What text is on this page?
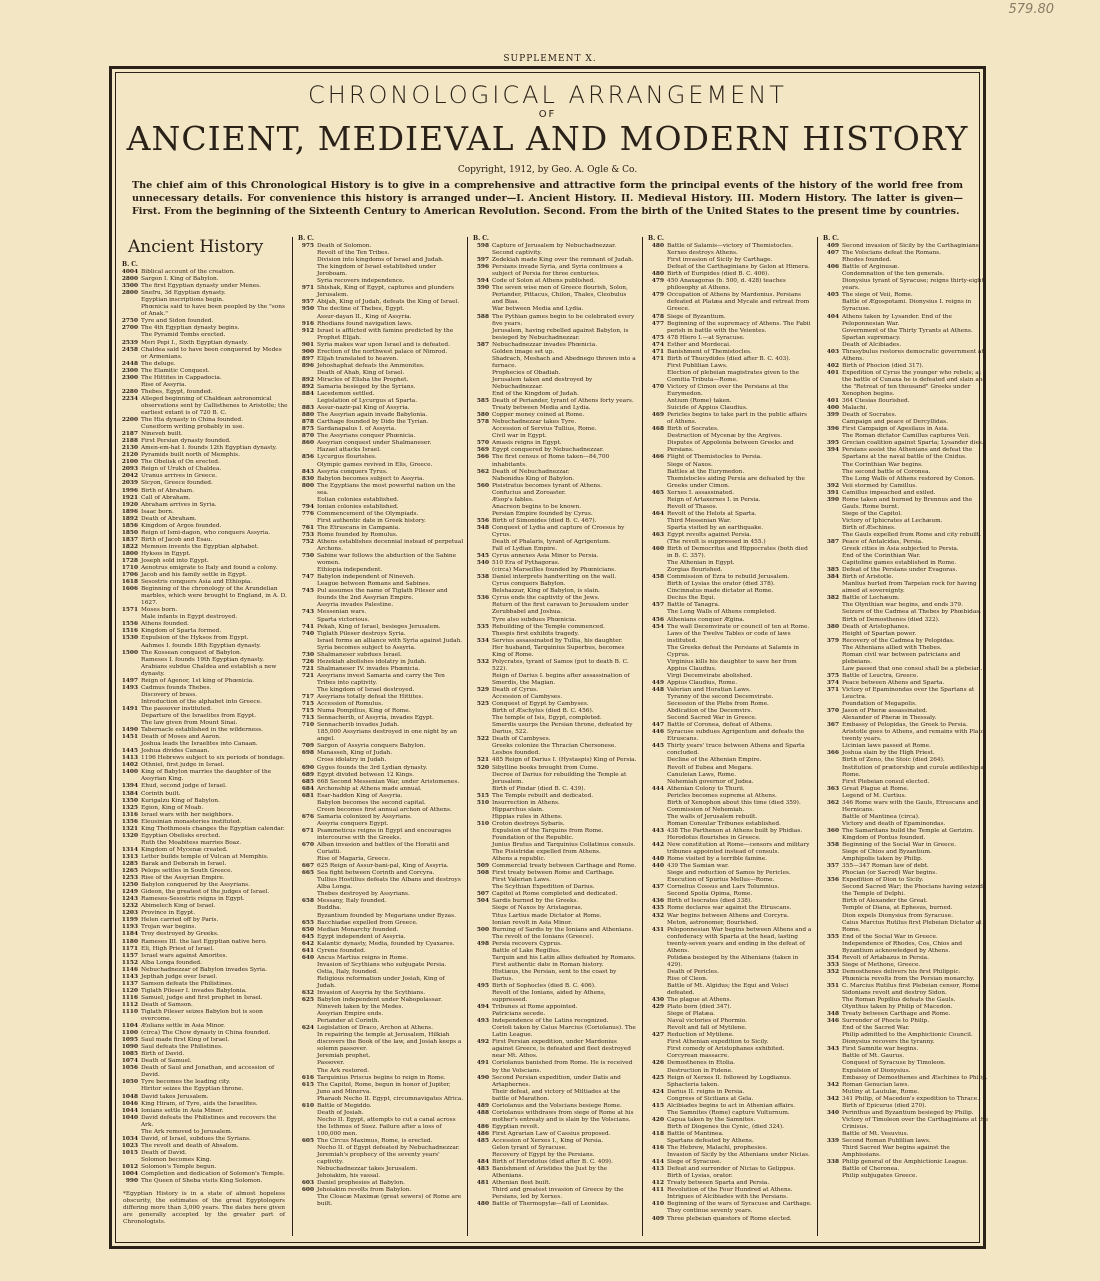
579.80
SUPPLEMENT X.
CHRONOLOGICAL ARRANGEMENT
OF
ANCIENT, MEDIEVAL AND MODERN HISTORY
Copyright, 1912, by Geo. A. Ogle & Co.
The chief aim of this Chronological History is to give in a comprehensive and attractive form the principal events of the history of the world free from unnecessary details. For convenience this history is arranged under—I. Ancient History. II. Medieval History. III. Modern History. The latter is given—First. From the beginning of the Sixteenth Century to American Revolution. Second. From the birth of the United States to the present time by countries.
Ancient History
B. C.
4004 Biblical account of the creation.
2800 Sargon I. King of Babylon.
3500 The first Egyptian dynasty under Menes.
2800 Snefru, 3d Egyptian dynasty.
Egyptian inscriptions begin.
Phœnicia said to have been peopled by the "sons of Anak."
2750 Tyre and Sidon founded.
2700 The 4th Egyptian dynasty begins.
The Pyramid Tombs erected.
2539 Meri Pepi I., Sixth Egyptian dynasty.
2458 Chaldea said to have been conquered by Medes or Armenians.
2448 The deluge.
2300 The Elamitic Conquest.
2300 The Hittites in Cappadocia.
Rise of Assyria.
2280 Thebes, Egypt, founded.
2234 Alleged beginning of Chaldean astronomical observations sent by Callisthenes to Aristotle; the earliest extant is of 720 B. C.
2200 The Hia dynasty in China founded.
Cuneiform writing probably in use.
2187 Nineveh built.
2188 First Persian dynasty founded.
2130 Amen-em-hat I. founds 12th Egyptian dynasty.
2120 Pyramids built north of Memphis.
2100 The Obelisk of On erected.
2093 Reign of Urukh of Chaldea.
2042 Uranus arrives in Greece.
2039 Sicyon, Greece founded.
1996 Birth of Abraham.
1921 Call of Abraham.
1920 Abraham arrives in Syria.
1896 Isaac born.
1892 Death of Abraham.
1856 Kingdom of Argos founded.
1850 Reign of Ismi-dagon, who conquers Assyria.
1837 Birth of Jacob and Esau.
1822 Memnon invents the Egyptian alphabet.
1800 Hyksos in Egypt.
1728 Joseph sold into Egypt.
1710 Aenotrus emigrate to Italy and found a colony.
1706 Jacob and his family settle in Egypt.
1618 Sesostris conquers Asia and Ethiopia.
1606 Beginning of the chronology of the Arundelian marbles, which were brought to England, in A. D. 1627.
1571 Moses born.
Male infants in Egypt destroyed.
1556 Athens founded.
1516 Kingdom of Sparta formed.
1530 Expulsion of the Hyksos from Egypt.
Aahmes I. founds 18th Egyptian dynasty.
1500 The Kossean conquest of Babylon.
Rameses I. founds 19th Egyptian dynasty.
Arabians subdue Chaldea and establish a new dynasty.
1497 Reign of Agenor, 1st king of Phœnicia.
1493 Cadmus founds Thebes.
Discovery of brass.
Introduction of the alphabet into Greece.
1491 The passover instituted.
Departure of the Israelites from Egypt.
The law given from Mount Sinai.
1490 Tabernacle established in the wilderness.
1451 Death of Moses and Aaron.
Joshua leads the Israelites into Canaan.
1445 Joshua divides Canaan.
1413 1196 Hebrews subject to six periods of bondage.
1402 Othniel, first judge in Israel.
1400 King of Babylon marries the daughter of the Assyrian King.
1394 Ehud, second judge of Israel.
1384 Corinth built.
1350 Kurigalzu King of Babylon.
1325 Egion, King of Moab.
1316 Israel wars with her neighbors.
1356 Eleusinian monasteries instituted.
1321 King Thothmosis changes the Egyptian calendar.
1320 Egyptian Obelisks erected.
Ruth the Moabitess marries Boaz.
1314 Kingdom of Mycenæ created.
1313 Letter builds temple of Vulcan at Memphis.
1285 Barak and Deborah in Israel.
1265 Pelops settles in South Greece.
1253 Rise of the Assyrian Empire.
1250 Babylon conquered by the Assyrians.
1249 Gideon, the greatest of the judges of Israel.
1243 Rameses-Sesostris reigns in Egypt.
1232 Abimelech King of Israel.
1203 Province in Egypt.
1199 Helen carried off by Paris.
1193 Trojan war begins.
1184 Troy destroyed by Greeks.
1180 Rameses III. the last Egyptian native hero.
1171 Eli, High Priest of Israel.
1157 Israel wars against Amorites.
1152 Alba Longa founded.
1146 Nebuchadnezzar of Babylon invades Syria.
1143 Jepthah judge over Israel.
1137 Samson defeats the Philistines.
1120 Tiglath Pileser I. invades Babylonia.
1116 Samuel, judge and first prophet in Israel.
1112 Death of Samson.
1110 Tiglath Pileser seizes Babylon but is soon overcome.
1104 Æolians settle in Asia Minor.
1100 (circa) The Chow dynasty in China founded.
1095 Saul made first King of Israel.
1090 Saul defeats the Philistines.
1085 Birth of David.
1074 Death of Samuel.
1056 Death of Saul and Jonathan, and accession of David.
1050 Tyre becomes the leading city.
Hiritor seizes the Egyptian throne.
1048 David takes Jerusalem.
1046 King Hiram, of Tyre, aids the Israelites.
1044 Ionians settle in Asia Minor.
1040 David defeats the Philistines and recovers the Ark.
The Ark removed to Jerusalem.
1034 David, of Israel, subdues the Syrians.
1023 The revolt and death of Absalom.
1015 Death of David.
Solomon becomes King.
1012 Solomon's Temple begun.
1004 Completion and dedication of Solomon's Temple.
990 The Queen of Sheba visits King Solomon.
*Egyptian History is in a state of almost hopeless obscurity, the estimates of the great Egyptologers differing more than 3,000 years. The dates here given are generally accepted by the greater part of Chronologists.
B. C.
975 Death of Solomon.
Revolt of the Ten Tribes.
Division into kingdoms of Israel and Judah.
The kingdom of Israel established under Jeroboam.
Syria recovers independence.
971 Shishak, King of Egypt, captures and plunders Jerusalem.
957 Abijah, King of Judah, defeats the King of Israel.
950 The decline of Thebes, Egypt.
Assur-dayan II., King of Assyria.
916 Rhodians found navigation laws.
912 Israel is afflicted with famine predicted by the Prophet Elijah.
901 Syria makes war upon Israel and is defeated.
900 Erection of the northwest palace of Nimrod.
897 Elijah translated to heaven.
896 Jehoshaphat defeats the Ammonites.
Death of Ahab, King of Israel.
892 Miracles of Elisha the Prophet.
892 Samaria besieged by the Syrians.
884 Lacedemon settled.
Legislation of Lycurgus at Sparta.
883 Assur-nazir-pal King of Assyria.
880 The Assyrian again invade Babylonia.
878 Carthage founded by Dido the Tyrian.
875 Sardanapalus I. of Assyria.
870 The Assyrians conquer Phœnicia.
860 Assyrian conquest under Shalmaneser.
Hazael attacks Israel.
856 Lycurgus flourishes.
Olympic games revived in Elis, Greece.
843 Assyria conquers Tyrus.
830 Babylon becomes subject to Assyria.
800 The Egyptians the most powerful nation on the sea.
Eolian colonies established.
794 Ionian colonies established.
776 Commencement of the Olympiads.
First authentic date in Greek history.
761 The Etruscans in Campania.
753 Rome founded by Romulus.
752 Athens establishes decennial instead of perpetual Archons.
750 Sabine war follows the abduction of the Sabine women.
Ethiopia independent.
747 Babylon independent of Nineveh.
League between Romans and Sabines.
745 Pul assumes the name of Tiglath Pileser and founds the 2nd Assyrian Empire.
Assyria invades Palestine.
743 Messenian wars.
Sparta victorious.
741 Pekah, King of Israel, besieges Jerusalem.
740 Tiglath Pileser destroys Syria.
Israel forms an alliance with Syria against Judah.
Syria becomes subject to Assyria.
730 Shalmaneser subdues Israel.
726 Hezekiah abolishes idolatry in Judah.
721 Shalmaneser IV. invades Phœnicia.
721 Assyrians invest Samaria and carry the Ten Tribes into captivity.
The kingdom of Israel destroyed.
717 Assyrians totally defeat the Hittites.
715 Accession of Romulus.
715 Numa Pompilius, King of Rome.
713 Sennacherib, of Assyria, invades Egypt.
710 Sennacherib invades Judah.
185,000 Assyrians destroyed in one night by an angel.
709 Sargon of Assyria conquers Babylon.
698 Manasseh, King of Judah.
Cross idolatry in Judah.
690 Gyges founds the 3rd Lydian dynasty.
689 Egypt divided between 12 Kings.
685 668 Second Messenian War, under Aristomenes.
684 Archonship at Athens made annual.
681 Esar-haddon King of Assyria.
Babylon becomes the second capital.
Creon becomes first annual archon of Athens.
676 Samaria colonized by Assyrians.
Assyria conquers Egypt.
671 Psammeticus reigns in Egypt and encourages intercourse with the Greeks.
670 Alban invasion and battles of the Horatii and Curiatii.
Rise of Magaria, Greece.
667 625 Reign of Assur-bani-pal, King of Assyria.
665 Sea fight between Corinth and Corcyra.
Tullius Hostilius defeats the Albans and destroys Alba Longa.
Thebes destroyed by Assyrians.
658 Messany, Italy founded.
Buddha.
Byzantium founded by Megarians under Byzas.
655 Bacchiadae expelled from Greece.
650 Median Monarchy founded.
645 Egypt independent of Assyria.
642 Kalantic dynasty, Media, founded by Cyaxares.
641 Cyrene founded.
640 Ancus Martius reigns in Rome.
Invasion of Scythians who subjugate Persia.
Ostia, Italy, founded.
Religious reformation under Josiah, King of Judah.
632 Invasion of Assyria by the Scythians.
625 Babylon independent under Nabopolassar.
Nineveh taken by the Medes.
Assyrian Empire ends.
Periander at Corinth.
624 Legislation of Draco, Archon at Athens.
In repairing the temple at Jerusalem, Hilkiah discovers the Book of the law, and Josiah keeps a solemn passover.
Jeremiah prophet.
Passover.
The Ark restored.
616 Tarquinius Priscus begins to reign in Rome.
615 The Capitol, Rome, begun in honor of Jupiter, Juno and Minerva.
Pharaoh Necho II. Egypt, circumnavigates Africa.
610 Battle of Megiddo.
Death of Josiah.
Necho II. Egypt, attempts to cut a canal across the Isthmus of Suez. Failure after a loss of 100,000 men.
605 The Circus Maximus, Rome, is erected.
Necho II. of Egypt defeated by Nebuchadnezzar.
Jeremiah's prophecy of the seventy years' captivity.
Nebuchadnezzar takes Jerusalem.
Jehoiakim, his vassal.
603 Daniel prophesies at Babylon.
600 Jehoiakim revolts from Babylon.
The Cloacæ Maximæ (great sewers) of Rome are built.
B. C.
598 Capture of Jerusalem by Nebuchadnezzar.
Second captivity.
597 Zedekiah made King over the remnant of Judah.
596 Persians invade Syria, and Syria continues a subject of Persia for three centuries.
594 Code of Solon at Athens published.
590 The seven wise men of Greece flourish, Solon, Periander, Pittacus, Chilon, Thales, Cleobulus and Bias.
War between Media and Lydia.
588 The Pythian games begin to be celebrated every five years.
Jerusalem, having rebelled against Babylon, is besieged by Nebuchadnezzar.
587 Nebuchadnezzar invades Phœnicia.
Golden image set up.
Shadrach, Meshach and Abednego thrown into a furnace.
Prophecies of Obadiah.
Jerusalem taken and destroyed by Nebuchadnezzar.
End of the Kingdom of Judah.
585 Death of Periander, tyrant of Athens forty years.
Treaty between Media and Lydia.
580 Copper money coined at Rome.
578 Nebuchadnezzar takes Tyre.
Accession of Servius Tullius, Rome.
Civil war in Egypt.
570 Amasis reigns in Egypt.
569 Egypt conquered by Nebuchadnezzar.
566 The first census of Rome taken—84,700 inhabitants.
562 Death of Nebuchadnezzar.
Nabonidus King of Babylon.
560 Pisistratus becomes tyrant of Athens.
Confucius and Zoroaster.
Æsop's fables.
Anacreon begins to be known.
Persian Empire founded by Cyrus.
556 Birth of Simonides (died B. C. 467).
548 Conquest of Lydia and capture of Croesus by Cyrus.
Death of Phalaris, tyrant of Agrigentum.
Fall of Lydian Empire.
545 Cyrus annexes Asia Minor to Persia.
540 510 Era of Pythagoras.
(circa) Marseilles founded by Phœnicians.
538 Daniel interprets handwriting on the wall.
Cyrus conquers Babylon.
Belshazzar, King of Babylon, is slain.
536 Cyrus ends the captivity of the Jews.
Return of the first caravan to Jerusalem under Zerubbabel and Joshua.
Tyre also subdues Phœnicia.
535 Rebuilding of the Temple commenced.
Thespis first exhibits tragedy.
534 Servius assassinated by Tullia, his daughter.
Her husband, Tarquinius Superbus, becomes King of Rome.
532 Polycrates, tyrant of Samos (put to death B. C. 522).
Reign of Darius I. begins after assassination of Smerdis, the Magian.
529 Death of Cyrus.
Accession of Cambyses.
525 Conquest of Egypt by Cambyses.
Birth of Æschylus (died B. C. 456).
The temple of Isis, Egypt, completed.
Smerdis usurps the Persian throne, defeated by Darius, 522.
522 Death of Cambyses.
Greeks colonize the Thracian Chersonese.
Lesbos founded.
521 485 Reign of Darius I. (Hystaspis) King of Persia.
520 Sibylline books brought from Cume.
Decree of Darius for rebuilding the Temple at Jerusalem.
Birth of Pindar (died B. C. 439).
515 The Temple rebuilt and dedicated.
510 Insurrection in Athens.
Hipparchus slain.
Hippias rules in Athens.
510 Croton destroys Sybaris.
Expulsion of the Tarquins from Rome.
Foundation of the Republic.
Junius Brutus and Tarquinius Collatinus consuls.
The Pisistridæ expelled from Athens.
Athens a republic.
509 Commercial treaty between Carthage and Rome.
508 First treaty between Rome and Carthage.
First Valerian Laws.
The Scythian Expedition of Darius.
507 Capitol at Rome completed and dedicated.
504 Sardis burned by the Greeks.
Siege of Naxos by Aristagoras.
Titus Lartius made Dictator at Rome.
Ionian revolt in Asia Minor.
500 Burning of Sardis by the Ionians and Athenians.
The revolt of the Ionians (Greece).
498 Persia recovers Cyprus.
Battle of Lake Regillus.
Tarquin and his Latin allies defeated by Romans.
First authentic date in Roman history.
Histiæus, the Persian, sent to the coast by Darius.
495 Birth of Sophocles (died B. C. 406).
Revolt of the Ionians, aided by Athens, suppressed.
494 Tribunes at Rome appointed.
Patricians secede.
493 Independence of the Latins recognized.
Corioli taken by Caius Marcius (Coriolanus). The Latin League.
492 First Persian expedition, under Mardonius against Greece, is defeated and fleet destroyed near Mt. Athos.
491 Coriolanus banished from Rome. He is received by the Volscians.
490 Second Persian expedition, under Datis and Artaphernes.
Their defeat, and victory of Miltiades at the battle of Marathon.
489 Coriolanus and the Volscians besiege Rome.
488 Coriolanus withdraws from siege of Rome at his mother's entreaty and is slain by the Volscians.
486 Egyptian revolt.
486 First Agrarian Law of Cassius proposed.
485 Accession of Xerxes I., King of Persia.
Gelon tyrant of Syracuse.
Recovery of Egypt by the Persians.
484 Birth of Herodotus (died after B. C. 409).
483 Banishment of Aristides the Just by the Athenians.
481 Athenian fleet built.
Third and greatest invasion of Greece by the Persians, led by Xerxes.
480 Battle of Thermopylæ—fall of Leonidas.
B. C.
480 Battle of Salamis—victory of Themistocles.
Xerxes destroys Athens.
First invasion of Sicily by Carthage.
Defeat of the Carthaginians by Gelon at Himera.
480 Birth of Euripides (died B. C. 406).
479 450 Anaxagoras (b. 500, d. 428) teaches philosophy at Athens.
479 Occupation of Athens by Mardonius. Persians defeated at Platæa and Mycale and retreat from Greece.
478 Siege of Byzantium.
477 Beginning of the supremacy of Athens. The Fabii perish in battle with the Veientes.
475 478 Hiero I.—at Syracuse.
474 Esther and Mordecai.
471 Banishment of Themistocles.
471 Birth of Thucydides (died after B. C. 403).
First Publilian Laws.
Election of plebeian magistrates given to the Comitia Tributa—Rome.
470 Victory of Cimon over the Persians at the Eurymedon.
Antium (Rome) taken.
Suicide of Appius Claudius.
469 Pericles begins to take part in the public affairs of Athens.
468 Birth of Socrates.
Destruction of Mycenæ by the Argives.
Disputes of Appolonia between Greeks and Persians.
466 Flight of Themistocles to Persia.
Siege of Naxos.
Battles at the Eurymedon.
Themistocles aiding Persia are defeated by the Greeks under Cimon.
465 Xerxes I. assassinated.
Reign of Artaxerxes I. in Persia.
Revolt of Thasos.
464 Revolt of the Helots at Sparta.
Third Messenian War.
Sparta visited by an earthquake.
463 Egypt revolts against Persia.
(The revolt is suppressed in 455.)
460 Birth of Democritus and Hippocrates (both died in B. C. 357).
The Athenian in Egypt.
Zorgias flourished.
458 Commission of Ezra to rebuild Jerusalem.
Birth of Lysias the orator (died 378).
Cincinnatus made dictator at Rome.
Decius the Equi.
457 Battle of Tanagra.
The Long Walls of Athens completed.
456 Athenians conquer Ægina.
454 The wall Decemvirate or council of ten at Rome.
Laws of the Twelve Tables or code of laws instituted.
The Greeks defeat the Persians at Salamis in Cyprus.
Virginius kills his daughter to save her from Appius Claudius.
Virgi Decemvirate abolished.
449 Appius Claudius, Rome.
448 Valerian and Horatian Laws.
Tyranny of the second Decemvirate.
Secession of the Plebs from Rome.
Abdication of the Decemvirs.
Second Sacred War in Greece.
447 Battle of Coronea, defeat of Athens.
446 Syracuse subdues Agrigentum and defeats the Etruscans.
445 Thirty years' truce between Athens and Sparta concluded.
Decline of the Athenian Empire.
Revolt of Eubea and Megara.
Canuleian Laws, Rome.
Nehemiah governor of Judea.
444 Athenian Colony to Thurii.
Pericles becomes supreme at Athens.
Birth of Xenophon about this time (died 359).
Commission of Nehemiah.
The walls of Jerusalem rebuilt.
Roman Consular Tribunes established.
443 438 The Parthenon at Athens built by Phidias.
Herodotus flourishes in Greece.
442 New constitution at Rome—censors and military tribunes appointed instead of consuls.
440 Rome visited by a terrible famine.
440 439 The Samian war.
Siege and reduction of Samos by Pericles.
Execution of Spurius Mellus—Rome.
437 Cornelius Cossus and Lars Tolumnius.
Second Spolia Opima, Rome.
436 Birth of Isocrates (died 338).
435 Rome declares war against the Etruscans.
432 War begins between Athens and Corcyra.
Meton, astronomer, flourished.
431 Peloponnesian War begins between Athens and a confederacy with Sparta at the head, lasting twenty-seven years and ending in the defeat of Athens.
Potidæa besieged by the Athenians (taken in 429).
Death of Pericles.
Rise of Cleon.
Battle of Mt. Algidus; the Equi and Volsci defeated.
430 The plague at Athens.
429 Plato born (died 347).
Siege of Platæa.
Naval victories of Phormio.
Revolt and fall of Mytilene.
427 Reduction of Mytilene.
First Athenian expedition to Sicily.
First comedy of Aristophanes exhibited.
Corcyrean massacre.
426 Demosthenes in Etolia.
Destruction in Fidene.
425 Reign of Xerxes II. followed by Logdianus.
Sphacteria taken.
424 Darius II. reigns in Persia.
Congress of Sicilians at Gela.
415 Alcibiades begins to act in Athenian affairs.
The Samnites (Rome) capture Vulturnum.
420 Capua taken by the Samnites.
Birth of Diogenes the Cynic, (died 324).
418 Battle of Mantinea.
Spartans defeated by Athens.
416 The Hebrew, Malachi, prophesies.
Invasion of Sicily by the Athenians under Nicias.
414 Siege of Syracuse.
413 Defeat and surrender of Nicias to Gelippus.
Birth of Lysias, orator.
412 Treaty between Sparta and Persia.
411 Revolution of the Four Hundred at Athens.
Intrigues of Alcibiades with the Persians.
410 Beginning of the wars of Syracuse and Carthage. They continue seventy years.
409 Three plebeian quæstors of Rome elected.
B. C.
409 Second invasion of Sicily by the Carthaginians.
407 The Volscians defeat the Romans.
Rhodes founded.
406 Battle of Arginusæ.
Condemnation of the ten generals.
Dionysius tyrant of Syracuse; reigns thirty-eight years.
405 The siege of Veii, Rome.
Battle of Ægospotami. Dionysius I. reigns in Syracuse.
404 Athens taken by Lysander. End of the Peloponnesian War.
Government of the Thirty Tyrants at Athens.
Spartan supremacy.
Death of Alcibiades.
403 Thrasybulus restores democratic government at Athens.
402 Birth of Phocion (died 317).
401 Expedition of Cyrus the younger who rebels; at the battle of Cunaxa he is defeated and slain and the "Retreat of ten thousand" Greeks under Xenophon begins.
401 364 Ctesias flourished.
400 Malachi.
399 Death of Socrates.
Campaign and peace of Dercyllidas.
396 First Campaign of Agesilaus in Asia.
The Roman dictator Camillus captures Veii.
395 Grecian coalition against Sparta; Lysander dies.
394 Persians assist the Athenians and defeat the Spartans at the naval battle of the Cnidus.
The Corinthian War begins.
The second battle of Coronea.
The Long Walls of Athens restored by Conon.
392 Veii stormed by Camillus.
391 Camillus impeached and exiled.
390 Rome taken and burned by Brennus and the Gauls. Rome burnt.
Siege of the Capitol.
Victory of Iphicrates at Lechæum.
Birth of Æschines.
The Gauls expelled from Rome and city rebuilt.
387 Peace of Antalcidas, Persia.
Greek cities in Asia subjected to Persia.
End of the Corinthian War.
Capitoline games established in Rome.
385 Defeat of the Persians under Evagoras.
384 Birth of Aristotle.
Manlius hurled from Tarpeian rock for having aimed at sovereignty.
382 Battle of Lechæum.
The Olynthian war begins, and ends 379.
Seizure of the Cadmea at Thebes by Phœbidas.
Birth of Demosthenes (died 322).
380 Death of Aristophanes.
Height of Spartan power.
379 Recovery of the Cadmea by Pelopidas.
The Athenians allied with Thebes.
Roman civil war between patricians and plebeians.
Law passed that one consul shall be a plebeian.
375 Battle of Leuctra, Greece.
374 Peace between Athens and Sparta.
371 Victory of Epaminondas over the Spartans at Leuctra.
Foundation of Megapolis.
370 Jason of Pheræ assassinated.
Alexander of Pheræ in Thessaly.
367 Embassy of Pelopidas, the Greek to Persia.
Aristotle goes to Athens, and remains with Plato twenty years.
Licinian laws passed at Rome.
366 Joshua slain by the High Priest.
Birth of Zeno, the Stoic (died 264).
Institution of prætorship and curule ædileship at Rome.
First Plebeian consul elected.
363 Great Plague at Rome.
Legend of M. Curtius.
362 346 Rome wars with the Gauls, Etruscans and Hernicans.
Battle of Mantinea (circa).
Victory and death of Epaminondas.
360 The Samaritans build the Temple at Gerizim.
Kingdom of Pontus founded.
358 Beginning of the Social War in Greece.
Siege of Chios and Byzantium.
Amphipolis taken by Philip.
357 355—347 Roman law of debt.
Phocian (or Sacred) War begins.
356 Expedition of Dion to Sicily.
Second Sacred War; the Phocians having seized the Temple of Delphi.
Birth of Alexander the Great.
Temple of Diana, at Ephesus, burned.
Dion expels Dionysius from Syracuse.
Caius Marcius Rutilus first Plebeian Dictator at Rome.
355 End of the Social War in Greece.
Independence of Rhodes, Cos, Chios and Byzantium acknowledged by Athens.
354 Revolt of Artabazus in Persia.
353 Siege of Methone, Greece.
352 Demosthenes delivers his first Philippic.
Phœnicia revolts from the Persian monarchy.
351 C. Marcius Rutilus first Plebeian censor, Rome.
Sidonians revolt and destroy Sidon.
The Roman Popilius defeats the Gauls.
Olynthus taken by Philip of Macedon.
348 Treaty between Carthage and Rome.
346 Surrender of Phocis to Philip.
End of the Sacred War.
Philip admitted to the Amphictionic Council.
Dionysius recovers the tyranny.
343 First Samnite war begins.
Battle of Mt. Gaurus.
Conquest of Syracuse by Timoleon.
Expulsion of Dionysius.
Embassy of Demosthenes and Æschines to Philip.
342 Roman Genucian laws.
Mutiny at Lautulæ, Rome.
342 341 Philip, of Macedon's expedition to Thrace.
Birth of Epicurus (died 270).
340 Perinthus and Byzantium besieged by Philip.
Victory of Timoleon over the Carthaginians at the Crinisus.
Battle of Mt. Vesuvius.
339 Second Roman Publilian laws.
Third Sacred War begins against the Amphissians.
338 Philip general of the Amphictionic League.
Battle of Cheronea.
Philip subjugates Greece.
